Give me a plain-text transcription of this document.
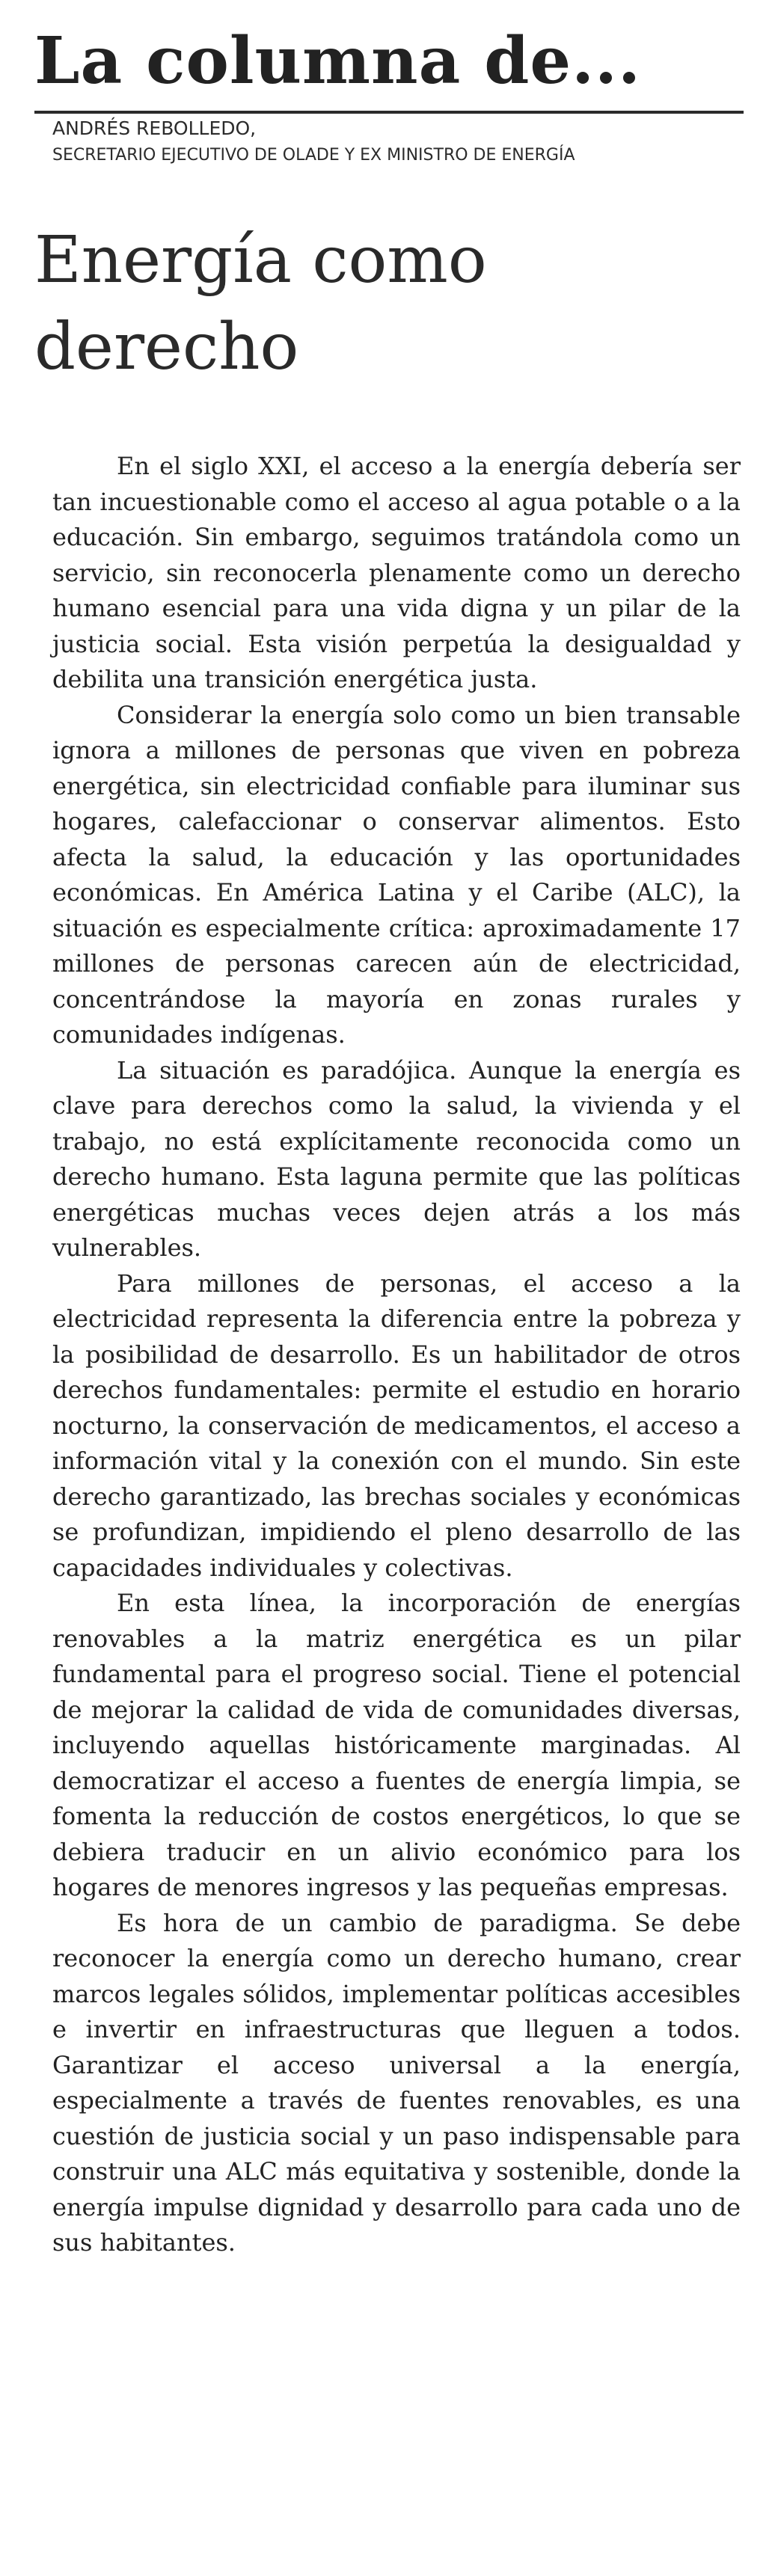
La columna de...
ANDRÉS REBOLLEDO,
SECRETARIO EJECUTIVO DE OLADE Y EX MINISTRO DE ENERGÍA
Energía como derecho

En el siglo XXI, el acceso a la energía debería ser tan incuestionable como el acceso al agua potable o a la educación. Sin embargo, seguimos tratándola como un servicio, sin reconocerla plenamente como un derecho humano esencial para una vida digna y un pilar de la justicia social. Esta visión perpetúa la desigualdad y debilita una transición energética justa.

Considerar la energía solo como un bien transable ignora a millones de personas que viven en pobreza energética, sin electricidad confiable para iluminar sus hogares, calefaccionar o conservar alimentos. Esto afecta la salud, la educación y las oportunidades económicas. En América Latina y el Caribe (ALC), la situación es especialmente crítica: aproximadamente 17 millones de personas carecen aún de electricidad, concentrándose la mayoría en zonas rurales y comunidades indígenas.

La situación es paradójica. Aunque la energía es clave para derechos como la salud, la vivienda y el trabajo, no está explícitamente reconocida como un derecho humano. Esta laguna permite que las políticas energéticas muchas veces dejen atrás a los más vulnerables.

Para millones de personas, el acceso a la electricidad representa la diferencia entre la pobreza y la posibilidad de desarrollo. Es un habilitador de otros derechos fundamentales: permite el estudio en horario nocturno, la conservación de medicamentos, el acceso a información vital y la conexión con el mundo. Sin este derecho garantizado, las brechas sociales y económicas se profundizan, impidiendo el pleno desarrollo de las capacidades individuales y colectivas.

En esta línea, la incorporación de energías renovables a la matriz energética es un pilar fundamental para el progreso social. Tiene el potencial de mejorar la calidad de vida de comunidades diversas, incluyendo aquellas históricamente marginadas. Al democratizar el acceso a fuentes de energía limpia, se fomenta la reducción de costos energéticos, lo que se debiera traducir en un alivio económico para los hogares de menores ingresos y las pequeñas empresas.

Es hora de un cambio de paradigma. Se debe reconocer la energía como un derecho humano, crear marcos legales sólidos, implementar políticas accesibles e invertir en infraestructuras que lleguen a todos. Garantizar el acceso universal a la energía, especialmente a través de fuentes renovables, es una cuestión de justicia social y un paso indispensable para construir una ALC más equitativa y sostenible, donde la energía impulse dignidad y desarrollo para cada uno de sus habitantes.
